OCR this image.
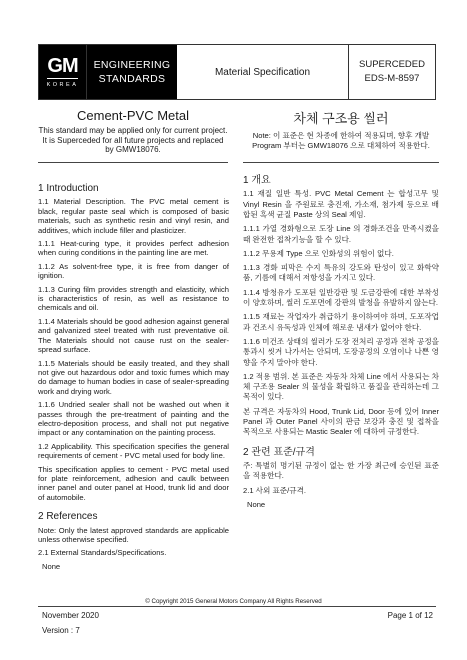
GM
KOREA
ENGINEERING
STANDARDS
Material Specification
SUPERCEDED
EDS-M-8597
Cement-PVC Metal

This standard may be applied only for current project. It is Superceded for all future projects and replaced by GMW18076.

차체 구조용 씰러

Note: 이 표준은 현 차종에 한하여 적용되며, 향후 개발 Program 부터는 GMW18076 으로 대체하여 적용한다.

1 Introduction

1.1 Material Description. The PVC metal cement is black, regular paste seal which is composed of basic materials, such as synthetic resin and vinyl resin, and additives, which include filler and plasticizer.

1.1.1 Heat-curing type, it provides perfect adhesion when curing conditions in the painting line are met.

1.1.2 As solvent-free type, it is free from danger of ignition.

1.1.3 Curing film provides strength and elasticity, which is characteristics of resin, as well as resistance to chemicals and oil.

1.1.4 Materials should be good adhesion against general and galvanized steel treated with rust preventative oil. The Materials should not cause rust on the sealer-spread surface.

1.1.5 Materials should be easily treated, and they shall not give out hazardous odor and toxic fumes which may do damage to human bodies in case of sealer-spreading work and drying work.

1.1.6 Undried sealer shall not be washed out when it passes through the pre-treatment of painting and the electro-deposition process, and shall not put negative impact or any contamination on the painting process.

1.2 Applicability. This specification specifies the general requirements of cement - PVC metal used for body line.

This specification applies to cement - PVC metal used for plate reinforcement, adhesion and caulk between inner panel and outer panel at Hood, trunk lid and door of automobile.

2 References

Note: Only the latest approved standards are applicable unless otherwise specified.

2.1 External Standards/Specifications.

None

1 개요

1.1 재질 일반 특성. PVC Metal Cement 는 합성고무 및 Vinyl Resin 을 주원료로 충진재, 가소재, 첨가제 등으로 배합된 흑색 균질 Paste 상의 Seal 제임.

1.1.1 가열 경화형으로 도장 Line 의 경화조건을 만족시켰을 때 완전한 접착기능을 할 수 있다.

1.1.2 무용제 Type 으로 인화성의 위험이 없다.

1.1.3 경화 피막은 수지 특유의 강도와 탄성이 있고 화학약품, 기름에 대해서 저항성을 가지고 있다.

1.1.4 방청유가 도포된 일반강판 및 도금강판에 대한 부착성이 양호하며, 씰러 도포면에 강판의 발청을 유발하지 않는다.

1.1.5 재료는 작업자가 취급하기 용이하여야 하며, 도포작업과 건조시 유독성과 인체에 해로운 냄새가 없어야 한다.

1.1.6 미건조 상태의 씰러가 도장 전처리 공정과 전착 공정을 통과시 씻겨 나가서는 안되며, 도장공정의 오염이나 나쁜 영향을 주지 말아야 한다.

1.2 적용 범위. 본 표준은 자동차 차체 Line 에서 사용되는 차체 구조용 Sealer 의 물성을 확립하고 품질을 관리하는데 그 목적이 있다.

본 규격은 자동차의 Hood, Trunk Lid, Door 등에 있어 Inner Panel 과 Outer Panel 사이의 판금 보강과 충진 및 접착을 목적으로 사용되는 Mastic Sealer 에 대하여 규정한다.

2 관련 표준/규격

주: 특별히 명기된 규정이 없는 한 가장 최근에 승인된 표준을 적용한다.

2.1 사외 표준/규격.

None

© Copyright 2015 General Motors Company All Rights Reserved
November 2020	Page 1 of 12
Version : 7
